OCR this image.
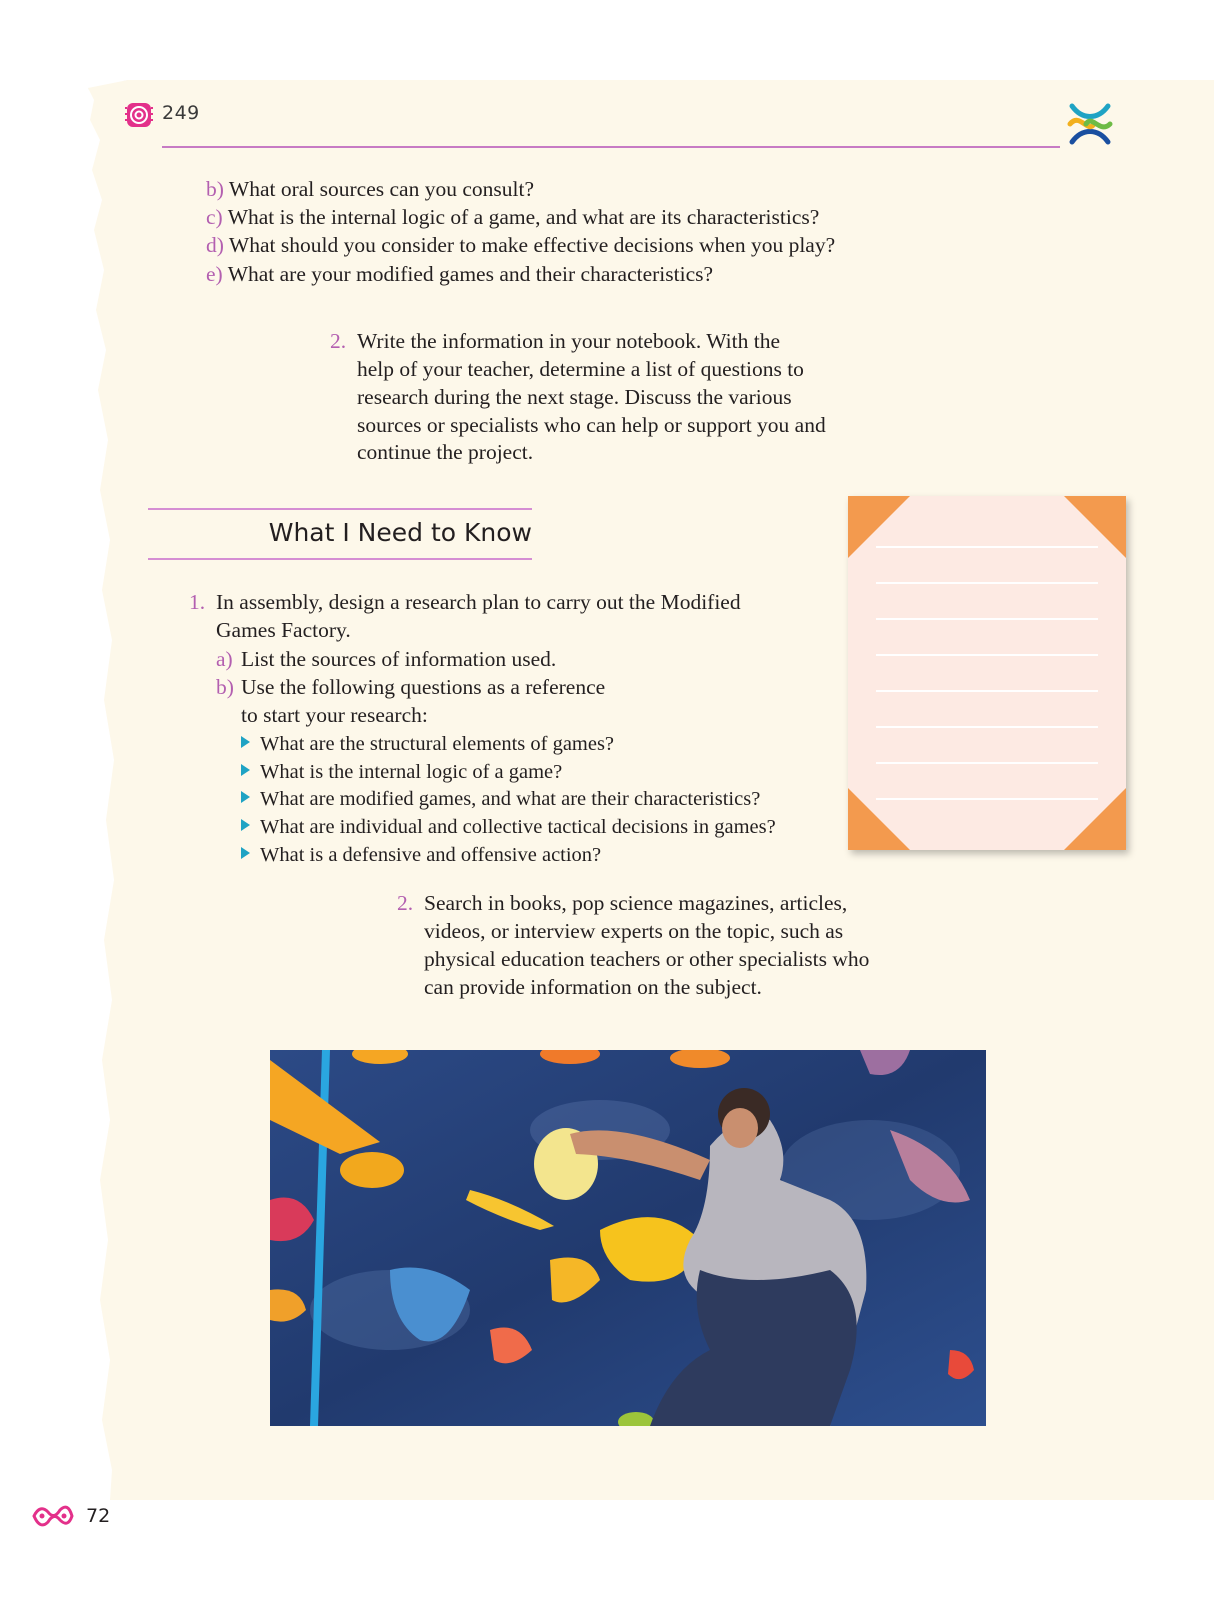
249
b) What oral sources can you consult?
c) What is the internal logic of a game, and what are its characteristics?
d) What should you consider to make effective decisions when you play?
e) What are your modified games and their characteristics?
2. Write the information in your notebook. With the
help of your teacher, determine a list of questions to
research during the next stage. Discuss the various
sources or specialists who can help or support you and
continue the project.
What I Need to Know
1. In assembly, design a research plan to carry out the Modified
Games Factory.
a) List the sources of information used.
b) Use the following questions as a reference
to start your research:
What are the structural elements of games?
What is the internal logic of a game?
What are modified games, and what are their characteristics?
What are individual and collective tactical decisions in games?
What is a defensive and offensive action?
2. Search in books, pop science magazines, articles,
videos, or interview experts on the topic, such as
physical education teachers or other specialists who
can provide information on the subject.
72
